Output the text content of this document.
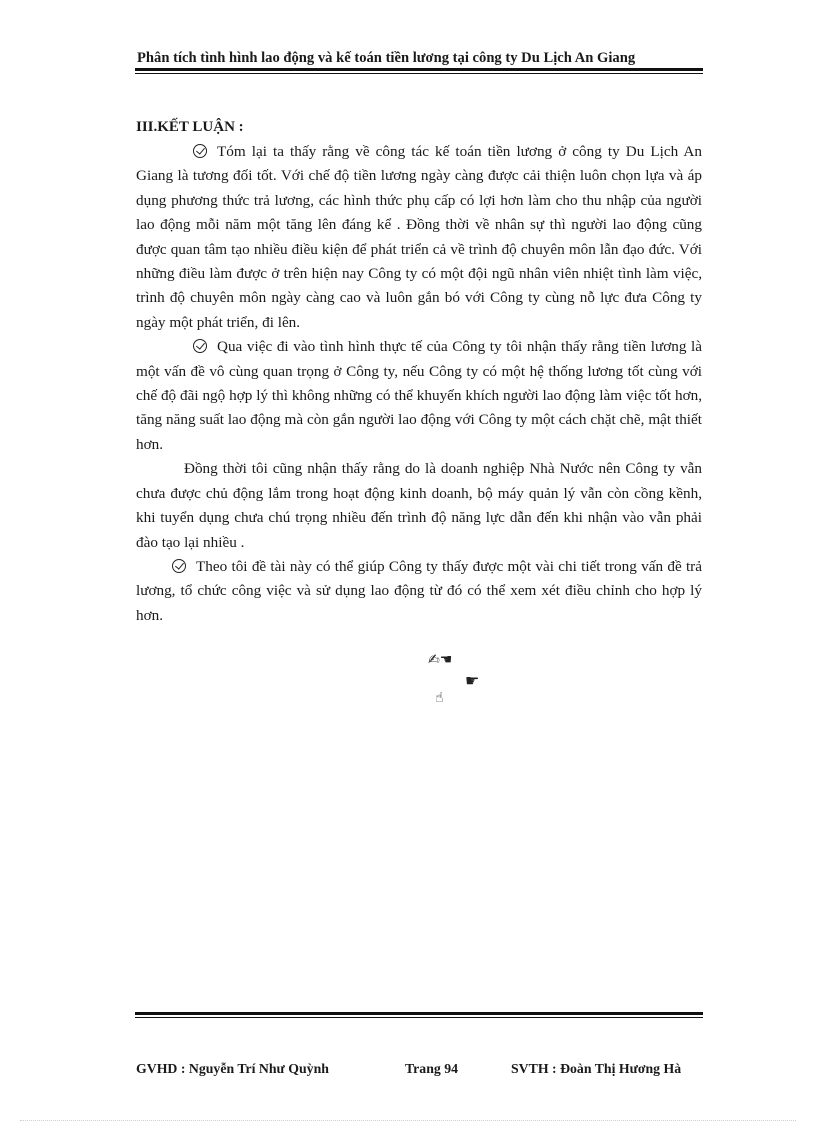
Phân tích tình hình lao động và kế toán tiền lương tại công ty Du Lịch An Giang
III.KẾT LUẬN :

Tóm lại ta thấy rằng về công tác kế toán tiền lương ở công ty Du Lịch An Giang là tương đối tốt. Với chế độ tiền lương ngày càng được cải thiện luôn chọn lựa và áp dụng phương thức trả lương, các hình thức phụ cấp có lợi hơn làm cho thu nhập của người lao động mỗi năm một tăng lên đáng kể . Đồng thời về nhân sự thì người lao động cũng được quan tâm tạo nhiều điều kiện để phát triển cả về trình độ chuyên môn lẫn đạo đức. Với những điều làm được ở trên hiện nay Công ty có một đội ngũ nhân viên nhiệt tình làm việc, trình độ chuyên môn ngày càng cao và luôn gắn bó với Công ty cùng nỗ lực đưa Công ty ngày một phát triển, đi lên.

Qua việc đi vào tình hình thực tế của Công ty tôi nhận thấy rằng tiền lương là một vấn đề vô cùng quan trọng ở Công ty, nếu Công ty có một hệ thống lương tốt cùng với chế độ đãi ngộ hợp lý thì không những có thể khuyến khích người lao động làm việc tốt hơn, tăng năng suất lao động mà còn gắn người lao động với Công ty một cách chặt chẽ, mật thiết hơn.

Đồng thời tôi cũng nhận thấy rằng do là doanh nghiệp Nhà Nước nên Công ty vẫn chưa được chủ động lắm trong hoạt động kinh doanh, bộ máy quản lý vẫn còn cồng kềnh, khi tuyển dụng chưa chú trọng nhiều đến trình độ năng lực dẫn đến khi nhận vào vẫn phải đào tạo lại nhiều .

Theo tôi đề tài này có thể giúp Công ty thấy được một vài chi tiết trong vấn đề trả lương, tổ chức công việc và sử dụng lao động từ đó có thể xem xét điều chỉnh cho hợp lý hơn.

✍☚
☛
☝
GVHD : Nguyễn Trí Như Quỳnh	Trang 94	SVTH : Đoàn Thị Hương Hà
